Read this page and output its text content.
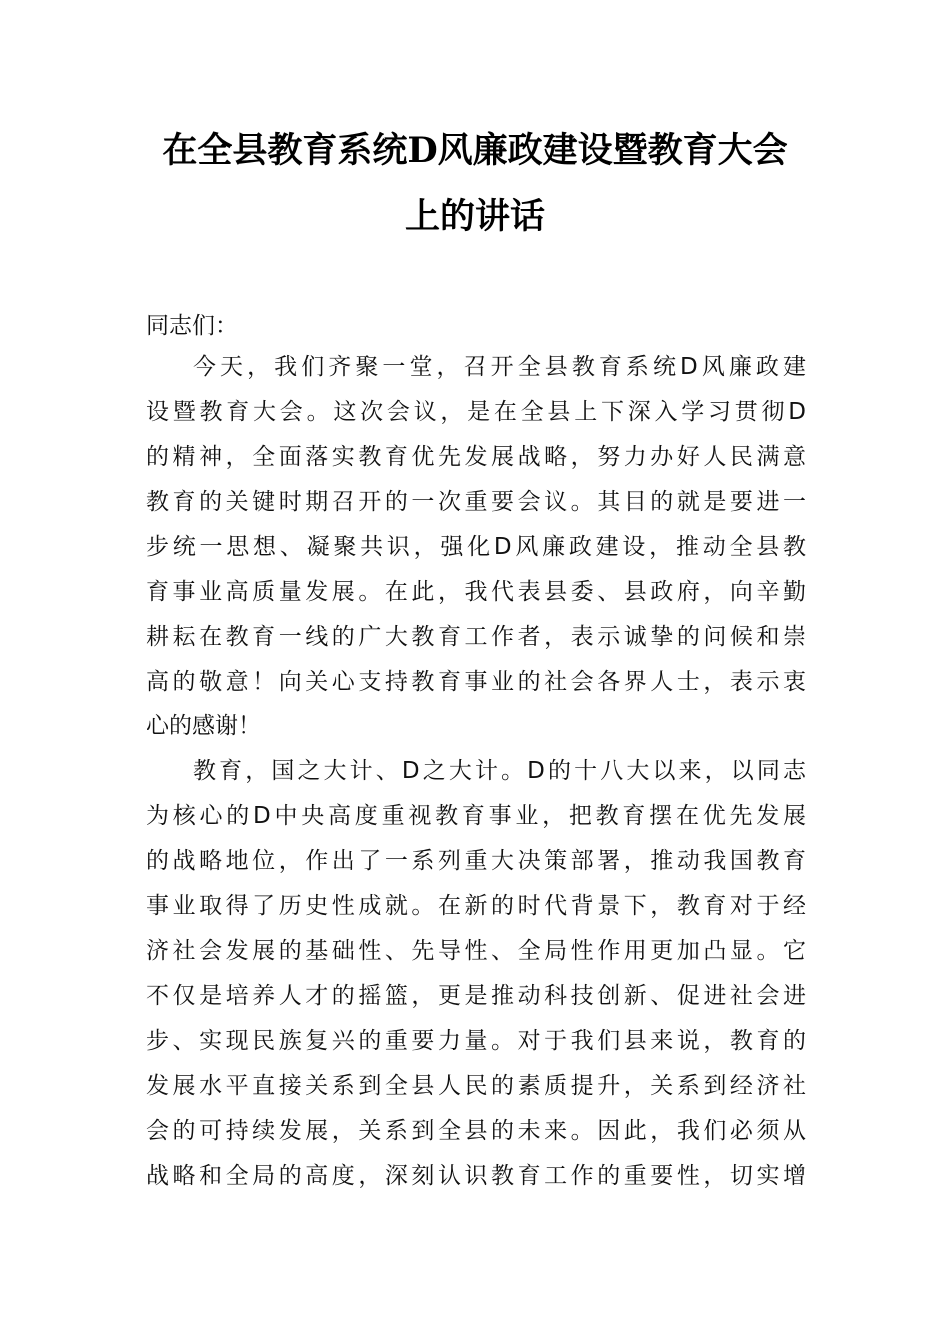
在全县教育系统D风廉政建设暨教育大会
上的讲话
同志们：
今天，我们齐聚一堂，召开全县教育系统D风廉政建
设暨教育大会。这次会议，是在全县上下深入学习贯彻D
的精神，全面落实教育优先发展战略，努力办好人民满意
教育的关键时期召开的一次重要会议。其目的就是要进一
步统一思想、凝聚共识，强化D风廉政建设，推动全县教
育事业高质量发展。在此，我代表县委、县政府，向辛勤
耕耘在教育一线的广大教育工作者，表示诚挚的问候和崇
高的敬意！向关心支持教育事业的社会各界人士，表示衷
心的感谢！
教育，国之大计、D之大计。D的十八大以来，以同志
为核心的D中央高度重视教育事业，把教育摆在优先发展
的战略地位，作出了一系列重大决策部署，推动我国教育
事业取得了历史性成就。在新的时代背景下，教育对于经
济社会发展的基础性、先导性、全局性作用更加凸显。它
不仅是培养人才的摇篮，更是推动科技创新、促进社会进
步、实现民族复兴的重要力量。对于我们县来说，教育的
发展水平直接关系到全县人民的素质提升，关系到经济社
会的可持续发展，关系到全县的未来。因此，我们必须从
战略和全局的高度，深刻认识教育工作的重要性，切实增
